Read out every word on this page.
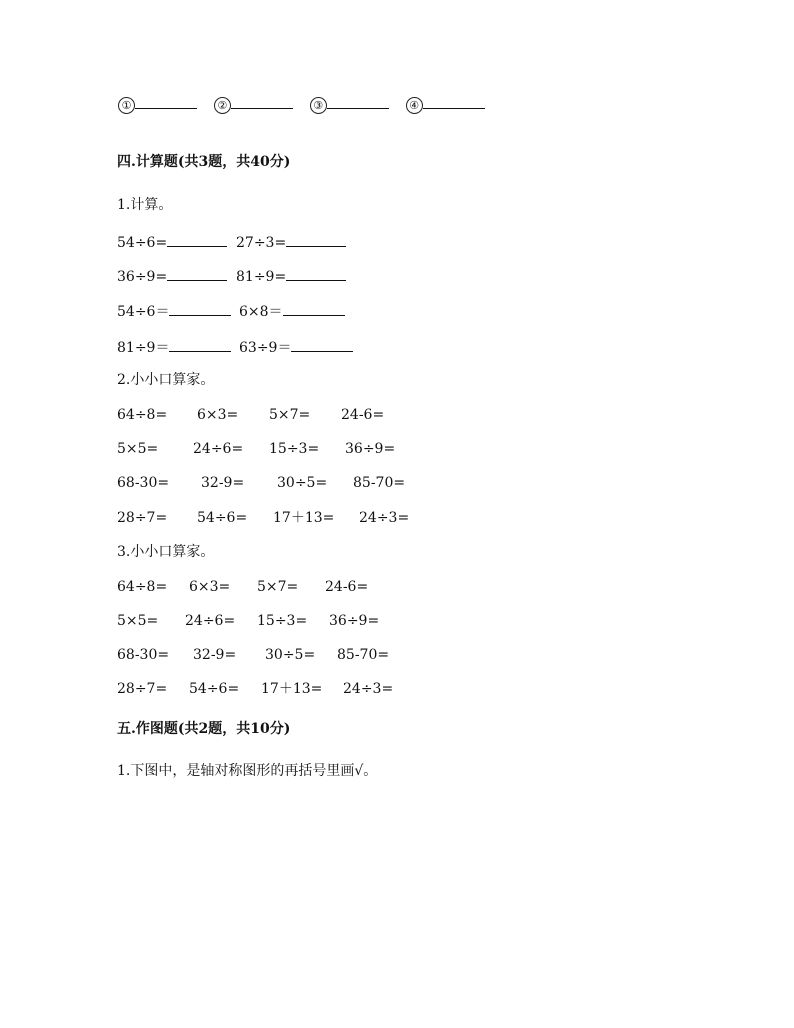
①	②	③	④
四.计算题(共3题，共40分)
1.计算。
54÷6=	27÷3=
36÷9=	81÷9=
54÷6＝	6×8＝
81÷9＝	63÷9＝
2.小小口算家。
64÷8= 6×3= 5×7= 24-6=
5×5= 24÷6= 15÷3= 36÷9=
68-30= 32-9= 30÷5= 85-70=
28÷7= 54÷6= 17＋13= 24÷3=
3.小小口算家。
64÷8= 6×3= 5×7= 24-6=
5×5= 24÷6= 15÷3= 36÷9=
68-30= 32-9= 30÷5= 85-70=
28÷7= 54÷6= 17＋13= 24÷3=
五.作图题(共2题，共10分)
1.下图中，是轴对称图形的再括号里画√。
